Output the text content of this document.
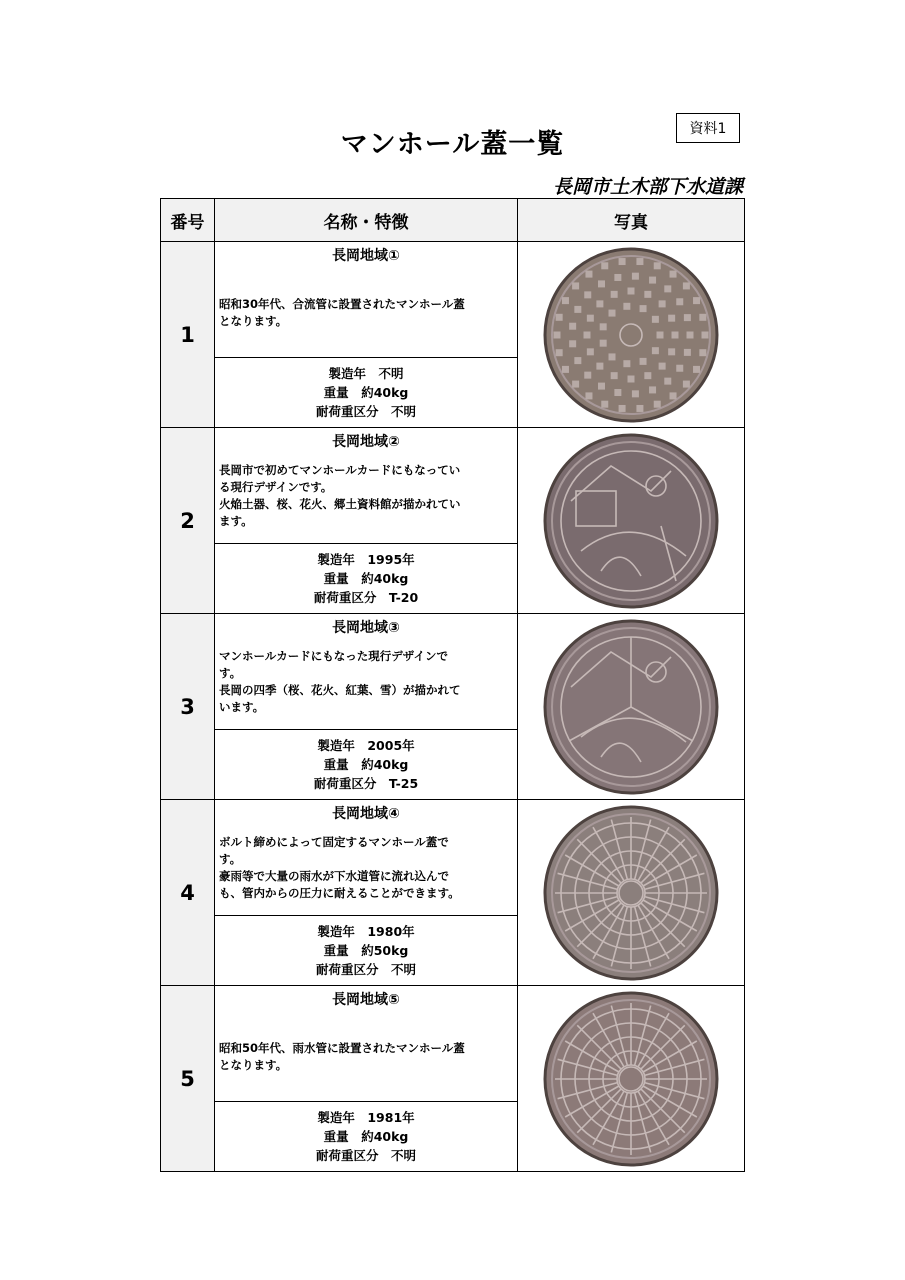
マンホール蓋一覧	資料1
長岡市土木部下水道課
番号	名称・特徴	写真
1	長岡地域①
昭和30年代、合流管に設置されたマンホール蓋
となります。

	製造年　 不明
重量　 約40kg
耐荷重区分　 不明	

2	長岡地域②
長岡市で初めてマンホールカードにもなってい
る現行デザインです。
火焔土器、桜、花火、郷土資料館が描かれてい
ます。

	製造年　 1995年
重量　 約40kg
耐荷重区分　 T-20	

3	長岡地域③
マンホールカードにもなった現行デザインで
す。
長岡の四季（桜、花火、紅葉、雪）が描かれて
います。

	製造年　 2005年
重量　 約40kg
耐荷重区分　 T-25	

4	長岡地域④
ボルト締めによって固定するマンホール蓋で
す。
豪雨等で大量の雨水が下水道管に流れ込んで
も、管内からの圧力に耐えることができます。

	製造年　 1980年
重量　 約50kg
耐荷重区分　 不明	

5	長岡地域⑤
昭和50年代、雨水管に設置されたマンホール蓋
となります。

	製造年　 1981年
重量　 約40kg
耐荷重区分　 不明	
